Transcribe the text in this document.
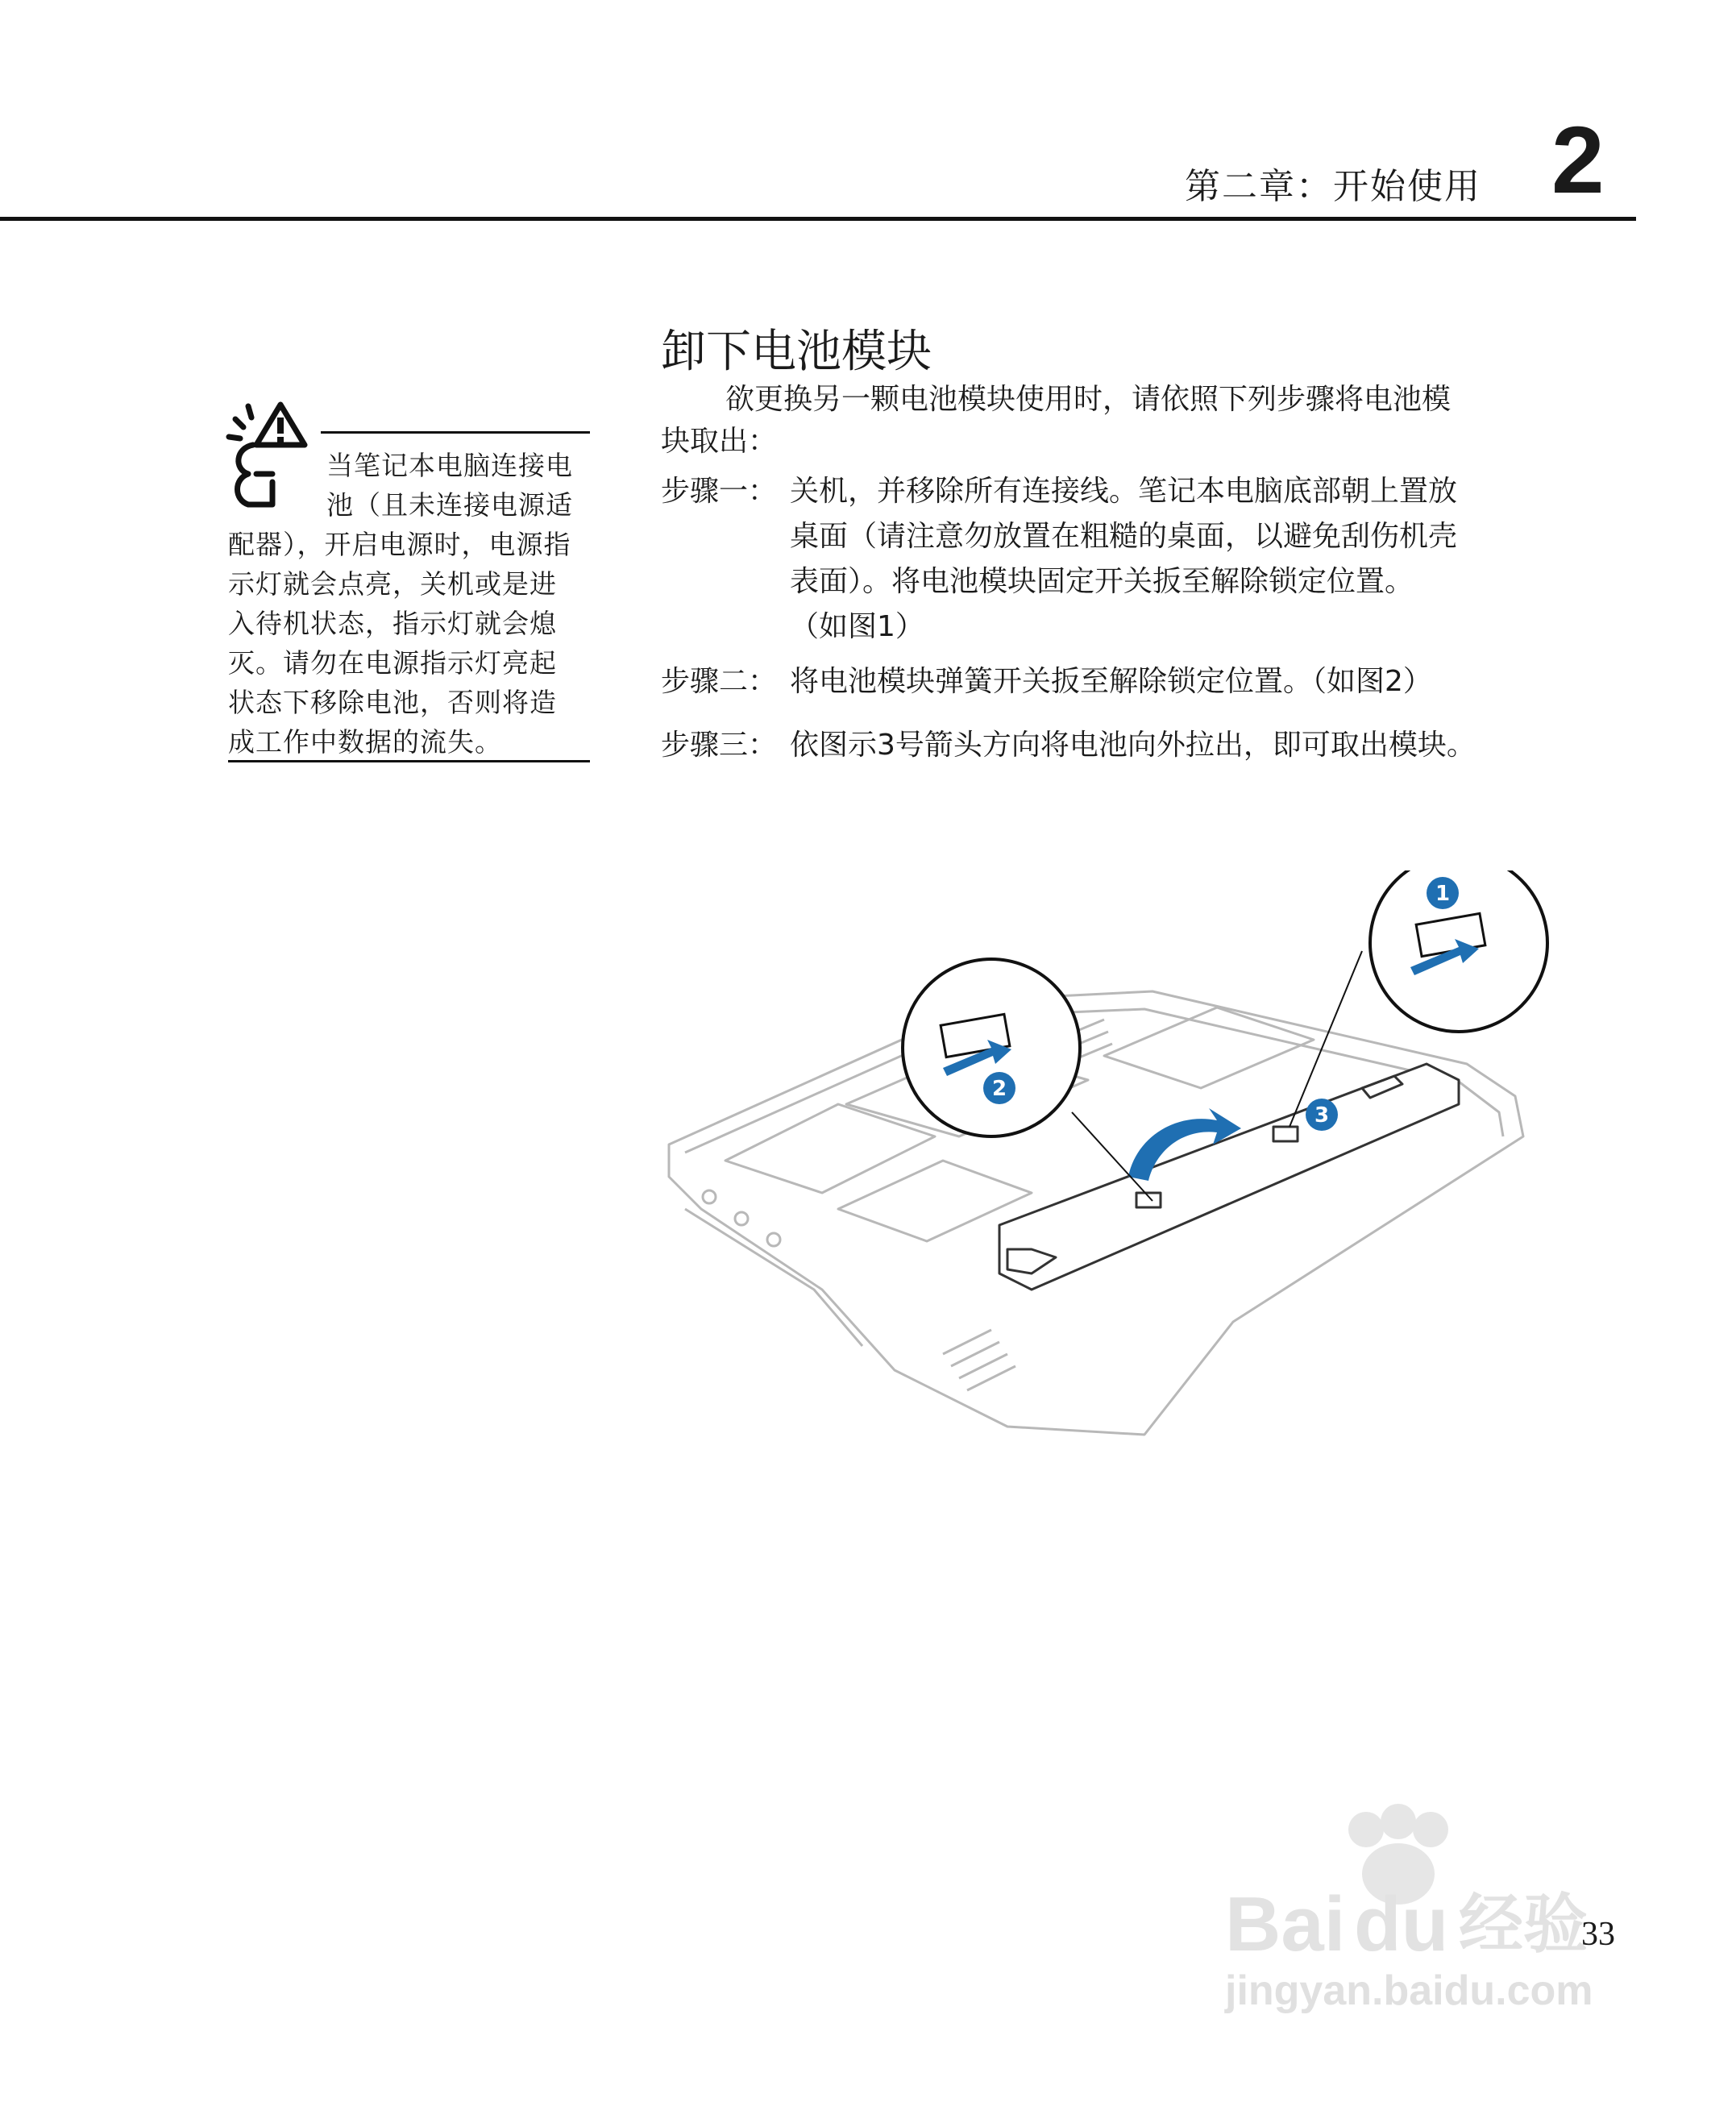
第二章：开始使用 2
卸下电池模块
欲更换另一颗电池模块使用时，请依照下列步骤将电池模
块取出：
步骤一： 关机，并移除所有连接线。笔记本电脑底部朝上置放
桌面（请注意勿放置在粗糙的桌面，以避免刮伤机壳
表面）。将电池模块固定开关扳至解除锁定位置。
（如图1）
步骤二： 将电池模块弹簧开关扳至解除锁定位置。（如图2）
步骤三： 依图示3号箭头方向将电池向外拉出，即可取出模块。
当笔记本电脑连接电
池（且未连接电源适
配器），开启电源时，电源指
示灯就会点亮，关机或是进
入待机状态，指示灯就会熄
灭。请勿在电源指示灯亮起
状态下移除电池，否则将造
成工作中数据的流失。
2
1
3
Bai du 经验
jingyan.baidu.com
33
